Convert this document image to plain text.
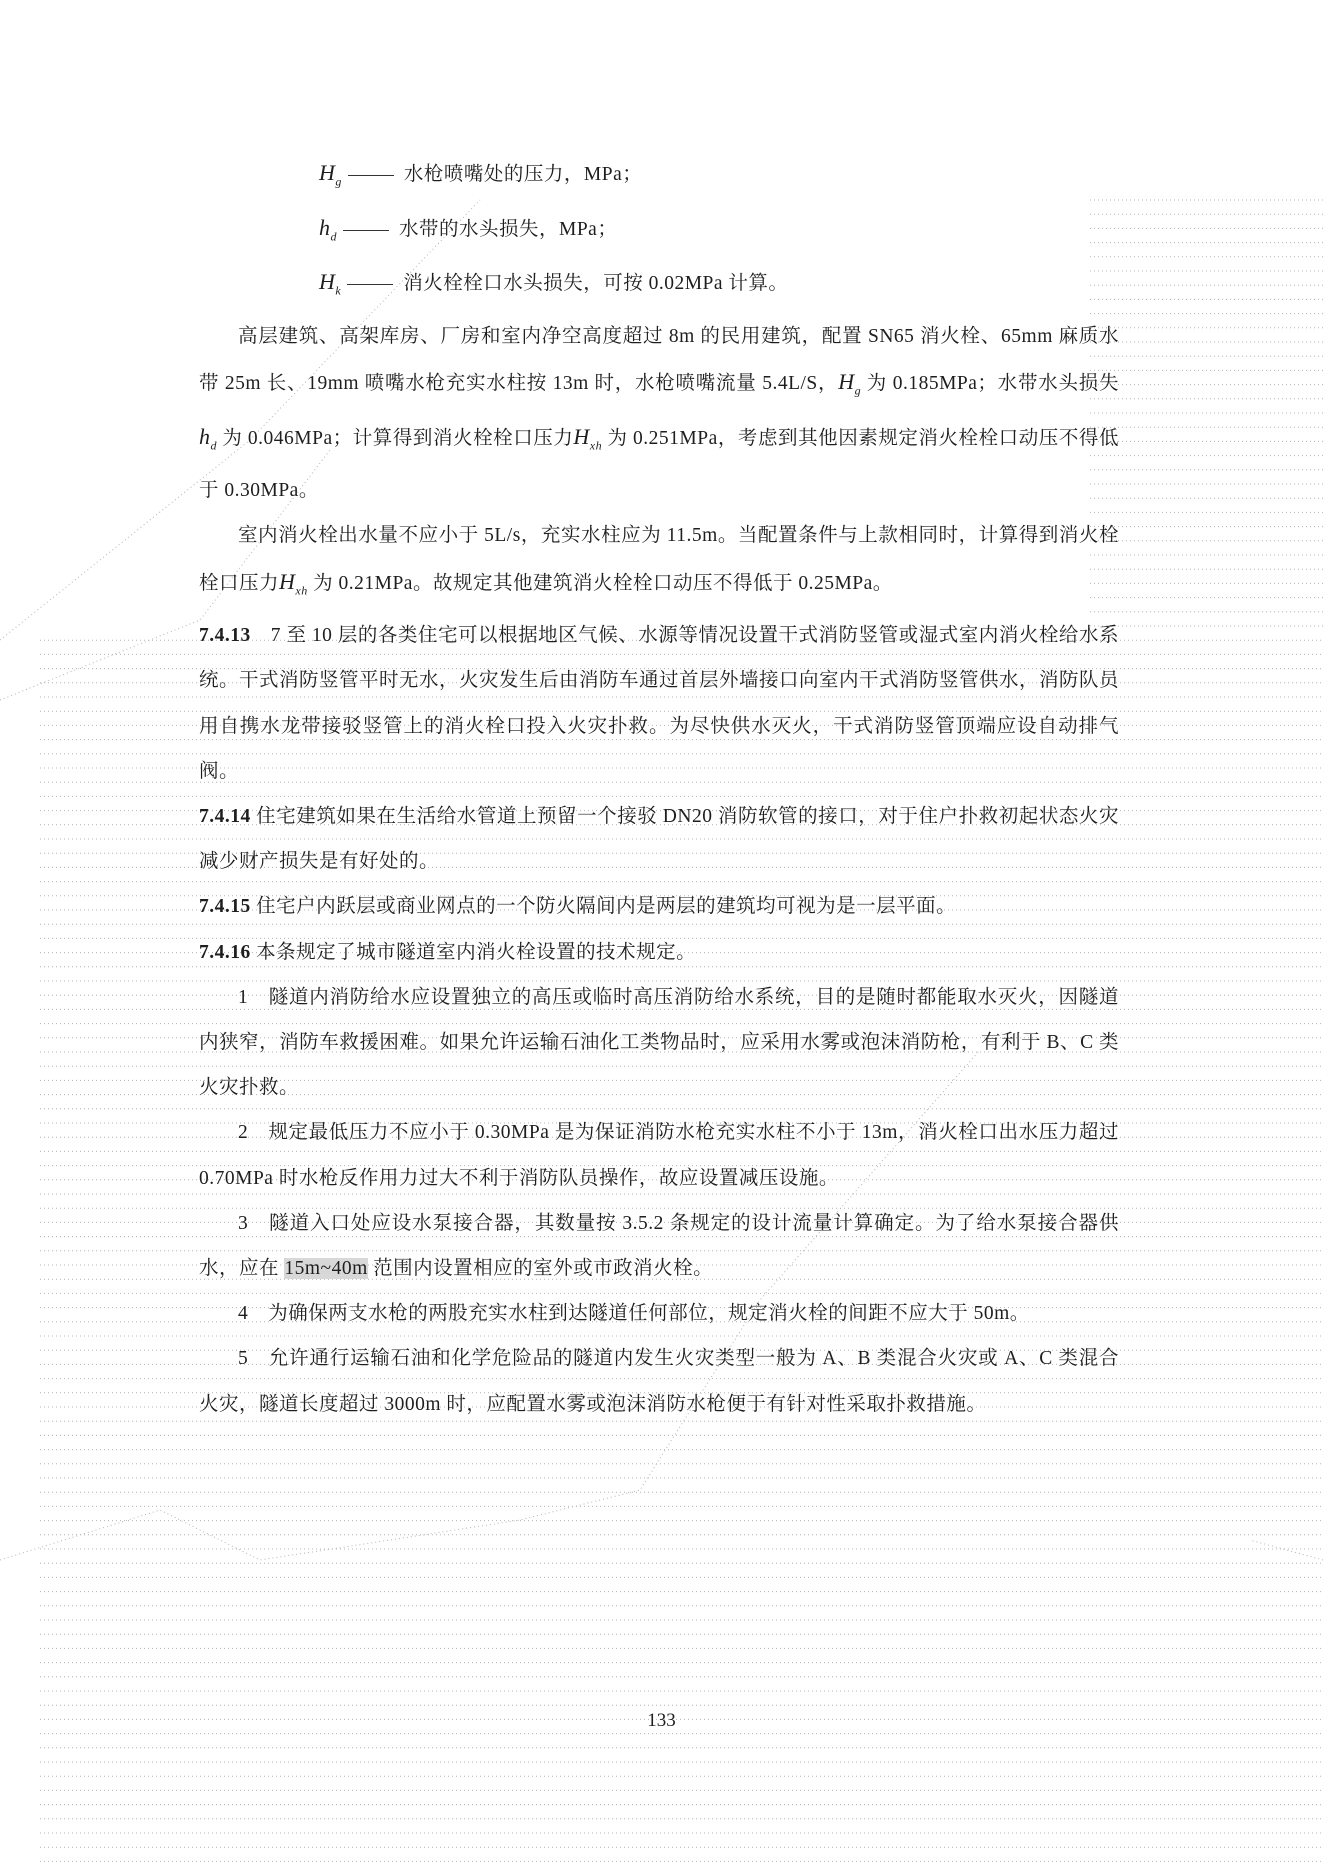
$H_g$	水枪喷嘴处的压力，MPa；

$h_d$	水带的水头损失，MPa；

$H_k$	消火栓栓口水头损失，可按 0.02MPa 计算。

高层建筑、高架库房、厂房和室内净空高度超过 8m 的民用建筑，配置 SN65 消火栓、65mm 麻质水带 25m 长、19mm 喷嘴水枪充实水柱按 13m 时，水枪喷嘴流量 5.4L/S，$H_g$ 为 0.185MPa；水带水头损失$h_d$ 为 0.046MPa；计算得到消火栓栓口压力$H_{xh}$ 为 0.251MPa，考虑到其他因素规定消火栓栓口动压不得低于 0.30MPa。

室内消火栓出水量不应小于 5L/s，充实水柱应为 11.5m。当配置条件与上款相同时，计算得到消火栓栓口压力$H_{xh}$ 为 0.21MPa。故规定其他建筑消火栓栓口动压不得低于 0.25MPa。

7.4.13　7 至 10 层的各类住宅可以根据地区气候、水源等情况设置干式消防竖管或湿式室内消火栓给水系统。干式消防竖管平时无水，火灾发生后由消防车通过首层外墙接口向室内干式消防竖管供水，消防队员用自携水龙带接驳竖管上的消火栓口投入火灾扑救。为尽快供水灭火，干式消防竖管顶端应设自动排气阀。

7.4.14 住宅建筑如果在生活给水管道上预留一个接驳 DN20 消防软管的接口，对于住户扑救初起状态火灾减少财产损失是有好处的。

7.4.15 住宅户内跃层或商业网点的一个防火隔间内是两层的建筑均可视为是一层平面。

7.4.16 本条规定了城市隧道室内消火栓设置的技术规定。

1　隧道内消防给水应设置独立的高压或临时高压消防给水系统，目的是随时都能取水灭火，因隧道内狭窄，消防车救援困难。如果允许运输石油化工类物品时，应采用水雾或泡沫消防枪，有利于 B、C 类火灾扑救。

2　规定最低压力不应小于 0.30MPa 是为保证消防水枪充实水柱不小于 13m，消火栓口出水压力超过 0.70MPa 时水枪反作用力过大不利于消防队员操作，故应设置减压设施。

3　隧道入口处应设水泵接合器，其数量按 3.5.2 条规定的设计流量计算确定。为了给水泵接合器供水，应在 15m~40m 范围内设置相应的室外或市政消火栓。

4　为确保两支水枪的两股充实水柱到达隧道任何部位，规定消火栓的间距不应大于 50m。

5　允许通行运输石油和化学危险品的隧道内发生火灾类型一般为 A、B 类混合火灾或 A、C 类混合火灾，隧道长度超过 3000m 时，应配置水雾或泡沫消防水枪便于有针对性采取扑救措施。

133
